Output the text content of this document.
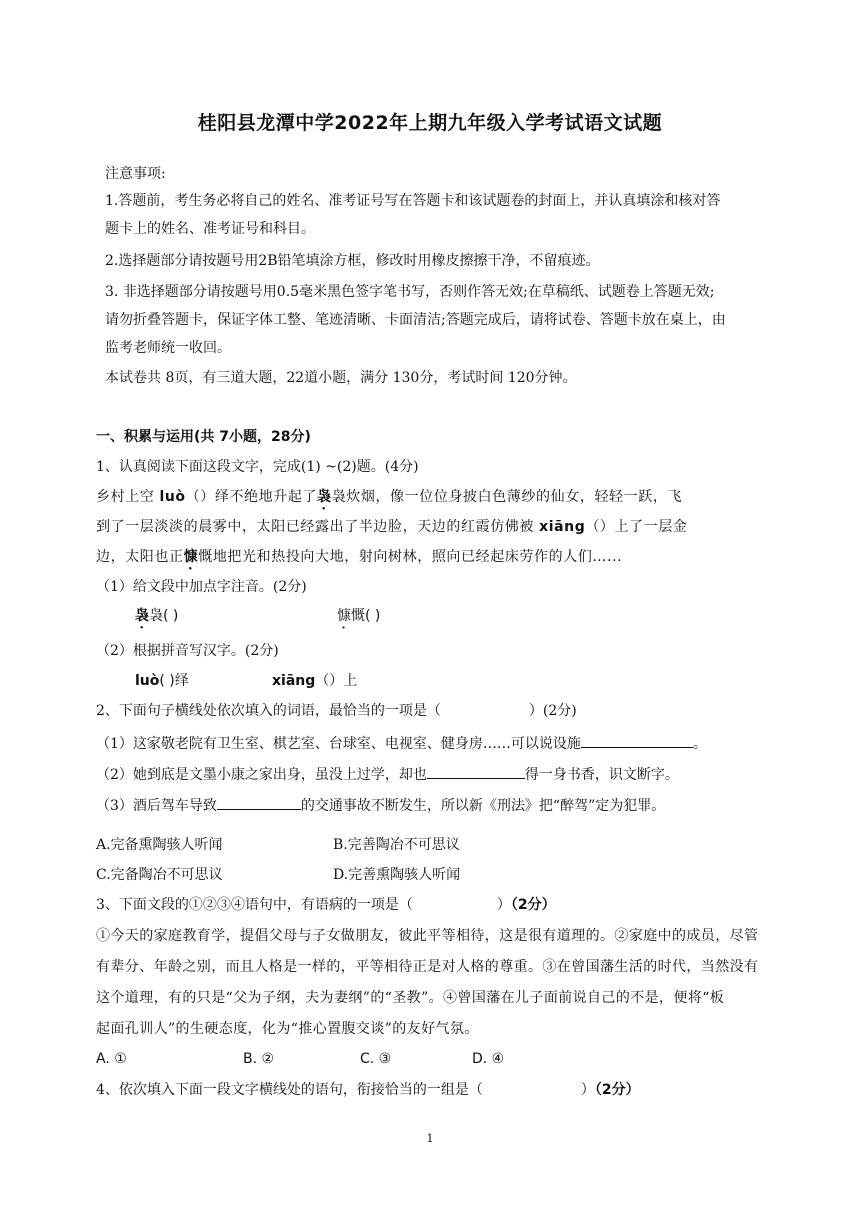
桂阳县龙潭中学2022年上期九年级入学考试语文试题
注意事项:
1.答题前，考生务必将自己的姓名、准考证号写在答题卡和该试题卷的封面上，并认真填涂和核对答
题卡上的姓名、准考证号和科目。
2.选择题部分请按题号用2B铅笔填涂方框，修改时用橡皮擦擦干净，不留痕迹。
3. 非选择题部分请按题号用0.5毫米黑色签字笔书写，否则作答无效;在草稿纸、试题卷上答题无效;
请勿折叠答题卡，保证字体工整、笔迹清晰、卡面清洁;答题完成后，请将试卷、答题卡放在桌上，由
监考老师统一收回。
本试卷共 8页，有三道大题，22道小题，满分 130分，考试时间 120分钟。
一、积累与运用(共 7小题，28分)
1、认真阅读下面这段文字，完成(1) ~(2)题。(4分)
乡村上空 luò（）绎不绝地升起了袅袅炊烟，像一位位身披白色薄纱的仙女，轻轻一跃，飞
到了一层淡淡的晨雾中，太阳已经露出了半边脸，天边的红霞仿佛被 xiāng（）上了一层金
边，太阳也正慷慨地把光和热投向大地，射向树林，照向已经起床劳作的人们…...
（1）给文段中加点字注音。(2分)
袅袅( )	慷慨( )
（2）根据拼音写汉字。(2分)
luò( )绎	xiāng（）上
2、下面句子横线处依次填入的词语，最恰当的一项是（	）(2分)
（1）这家敬老院有卫生室、棋艺室、台球室、电视室、健身房……可以说设施	。
（2）她到底是文墨小康之家出身，虽没上过学，却也	得一身书香，识文断字。
（3）酒后驾车导致	的交通事故不断发生，所以新《刑法》把“醉驾”定为犯罪。
A.完备熏陶骇人听闻	B.完善陶冶不可思议
C.完备陶冶不可思议	D.完善熏陶骇人听闻
3、下面文段的①②③④语句中，有语病的一项是（	）（2分）
①今天的家庭教育学，提倡父母与子女做朋友，彼此平等相待，这是很有道理的。②家庭中的成员，尽管
有辈分、年龄之别，而且人格是一样的，平等相待正是对人格的尊重。③在曾国藩生活的时代，当然没有
这个道理，有的只是“父为子纲，夫为妻纲”的“圣教”。④曾国藩在儿子面前说自己的不是，便将“板
起面孔训人”的生硬态度，化为“推心置腹交谈”的友好气氛。
A. ①	B. ②	C. ③	D. ④
4、依次填入下面一段文字横线处的语句，衔接恰当的一组是（	）（2分）
1
